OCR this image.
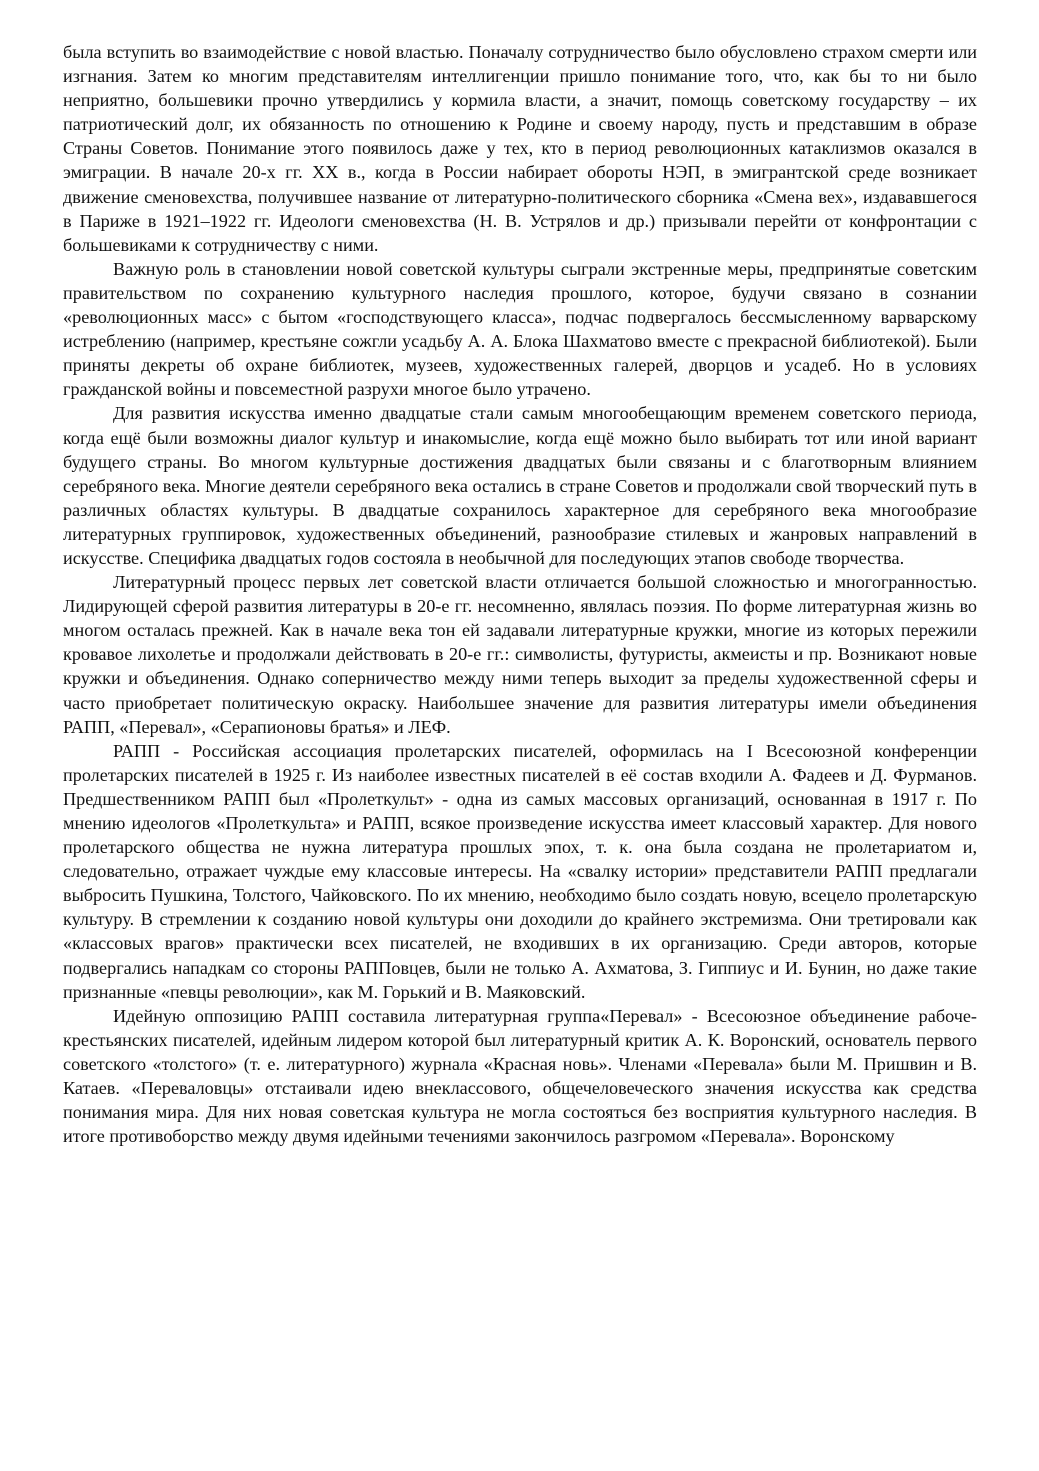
была вступить во взаимодействие с новой властью. Поначалу сотрудничество было обусловлено страхом смерти или изгнания. Затем ко многим представителям интеллигенции пришло понимание того, что, как бы то ни было неприятно, большевики прочно утвердились у кормила власти, а значит, помощь советскому государству – их патриотический долг, их обязанность по отношению к Родине и своему народу, пусть и представшим в образе Страны Советов. Понимание этого появилось даже у тех, кто в период революционных катаклизмов оказался в эмиграции. В начале 20-х гг. XX в., когда в России набирает обороты НЭП, в эмигрантской среде возникает движение сменовехства, получившее название от литературно-политического сборника «Смена вех», издававшегося в Париже в 1921–1922 гг. Идеологи сменовехства (Н. В. Устрялов и др.) призывали перейти от конфронтации с большевиками к сотрудничеству с ними.

Важную роль в становлении новой советской культуры сыграли экстренные меры, предпринятые советским правительством по сохранению культурного наследия прошлого, которое, будучи связано в сознании «революционных масс» с бытом «господствующего класса», подчас подвергалось бессмысленному варварскому истреблению (например, крестьяне сожгли усадьбу А. А. Блока Шахматово вместе с прекрасной библиотекой). Были приняты декреты об охране библиотек, музеев, художественных галерей, дворцов и усадеб. Но в условиях гражданской войны и повсеместной разрухи многое было утрачено.

Для развития искусства именно двадцатые стали самым многообещающим временем советского периода, когда ещё были возможны диалог культур и инакомыслие, когда ещё можно было выбирать тот или иной вариант будущего страны. Во многом культурные достижения двадцатых были связаны и с благотворным влиянием серебряного века. Многие деятели серебряного века остались в стране Советов и продолжали свой творческий путь в различных областях культуры. В двадцатые сохранилось характерное для серебряного века многообразие литературных группировок, художественных объединений, разнообразие стилевых и жанровых направлений в искусстве. Специфика двадцатых годов состояла в необычной для последующих этапов свободе творчества.

Литературный процесс первых лет советской власти отличается большой сложностью и многогранностью. Лидирующей сферой развития литературы в 20-е гг. несомненно, являлась поэзия. По форме литературная жизнь во многом осталась прежней. Как в начале века тон ей задавали литературные кружки, многие из которых пережили кровавое лихолетье и продолжали действовать в 20-е гг.: символисты, футуристы, акмеисты и пр. Возникают новые кружки и объединения. Однако соперничество между ними теперь выходит за пределы художественной сферы и часто приобретает политическую окраску. Наибольшее значение для развития литературы имели объединения РАПП, «Перевал», «Серапионовы братья» и ЛЕФ.

РАПП - Российская ассоциация пролетарских писателей, оформилась на I Всесоюзной конференции пролетарских писателей в 1925 г. Из наиболее известных писателей в её состав входили А. Фадеев и Д. Фурманов. Предшественником РАПП был «Пролеткульт» - одна из самых массовых организаций, основанная в 1917 г. По мнению идеологов «Пролеткульта» и РАПП, всякое произведение искусства имеет классовый характер. Для нового пролетарского общества не нужна литература прошлых эпох, т. к. она была создана не пролетариатом и, следовательно, отражает чуждые ему классовые интересы. На «свалку истории» представители РАПП предлагали выбросить Пушкина, Толстого, Чайковского. По их мнению, необходимо было создать новую, всецело пролетарскую культуру. В стремлении к созданию новой культуры они доходили до крайнего экстремизма. Они третировали как «классовых врагов» практически всех писателей, не входивших в их организацию. Среди авторов, которые подвергались нападкам со стороны РАППовцев, были не только А. Ахматова, З. Гиппиус и И. Бунин, но даже такие признанные «певцы революции», как М. Горький и В. Маяковский.

Идейную оппозицию РАПП составила литературная группа«Перевал» - Всесоюзное объединение рабоче-крестьянских писателей, идейным лидером которой был литературный критик А. К. Воронский, основатель первого советского «толстого» (т. е. литературного) журнала «Красная новь». Членами «Перевала» были М. Пришвин и В. Катаев. «Переваловцы» отстаивали идею внеклассового, общечеловеческого значения искусства как средства понимания мира. Для них новая советская культура не могла состояться без восприятия культурного наследия. В итоге противоборство между двумя идейными течениями закончилось разгромом «Перевала». Воронскому
